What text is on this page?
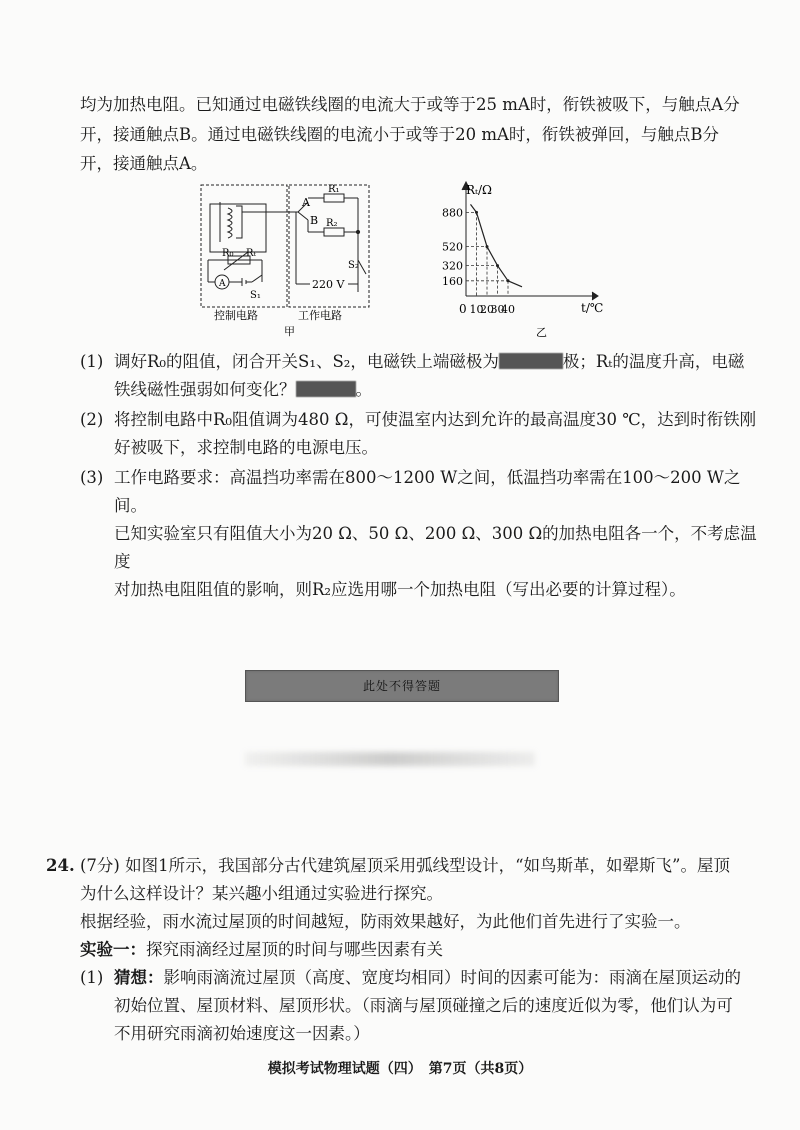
均为加热电阻。已知通过电磁铁线圈的电流大于或等于25 mA时，衔铁被吸下，与触点A分

开，接通触点B。通过电磁铁线圈的电流小于或等于20 mA时，衔铁被弹回，与触点B分

开，接通触点A。

A
B
R₁
R₂
S₂
R₀ Rₜ
A
S₁
220 V
控制电路	工作电路
甲
880
10
520
20
320
30
160
40
Rₜ/Ω
t/℃
0
乙
(1) 调好R₀的阻值，闭合开关S₁、S₂，电磁铁上端磁极为	极；Rₜ的温度升高，电磁
铁线磁性强弱如何变化？	。
(2) 将控制电路中R₀阻值调为480 Ω，可使温室内达到允许的最高温度30 ℃，达到时衔铁刚
好被吸下，求控制电路的电源电压。
(3) 工作电路要求：高温挡功率需在800～1200 W之间，低温挡功率需在100～200 W之间。
已知实验室只有阻值大小为20 Ω、50 Ω、200 Ω、300 Ω的加热电阻各一个，不考虑温度
对加热电阻阻值的影响，则R₂应选用哪一个加热电阻（写出必要的计算过程）。
此处不得答题
24. (7分) 如图1所示，我国部分古代建筑屋顶采用弧线型设计，“如鸟斯革，如翚斯飞”。屋顶
为什么这样设计？某兴趣小组通过实验进行探究。
根据经验，雨水流过屋顶的时间越短，防雨效果越好，为此他们首先进行了实验一。
实验一：探究雨滴经过屋顶的时间与哪些因素有关
(1) 猜想：影响雨滴流过屋顶（高度、宽度均相同）时间的因素可能为：雨滴在屋顶运动的
初始位置、屋顶材料、屋顶形状。（雨滴与屋顶碰撞之后的速度近似为零，他们认为可
不用研究雨滴初始速度这一因素。）
模拟考试物理试题（四）　第7页（共8页）
